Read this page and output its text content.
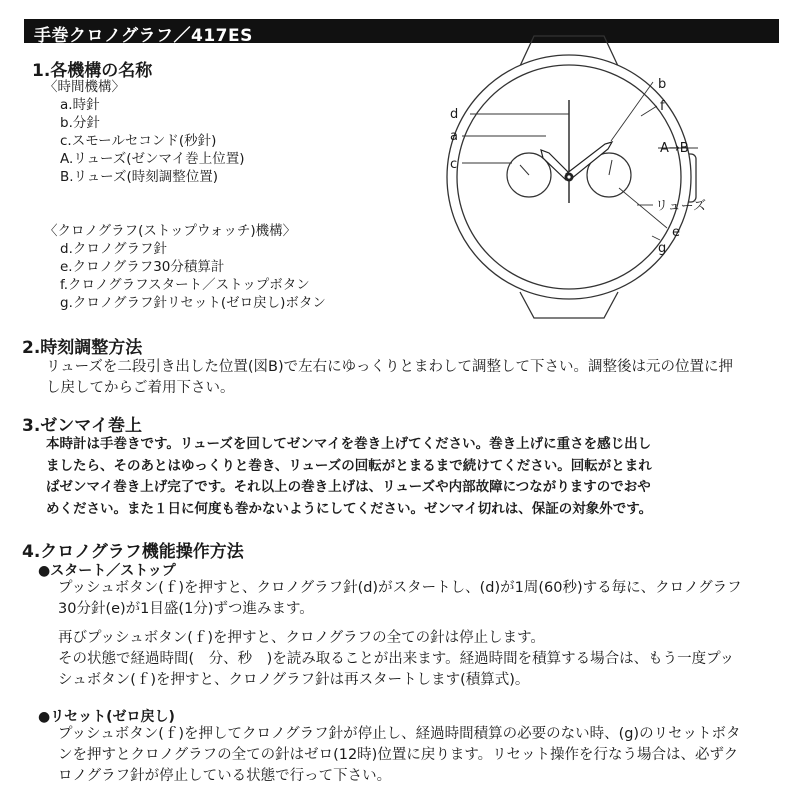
手巻クロノグラフ／417ES
1.各機構の名称
〈時間機構〉
a.時針
b.分針
c.スモールセコンド(秒針)
A.リューズ(ゼンマイ巻上位置)
B.リューズ(時刻調整位置)
〈クロノグラフ(ストップウォッチ)機構〉
d.クロノグラフ針
e.クロノグラフ30分積算計
f.クロノグラフスタート／ストップボタン
g.クロノグラフ針リセット(ゼロ戻し)ボタン
d
a
c
b
f
A→B
リューズ
e
g
2.時刻調整方法
リューズを二段引き出した位置(図B)で左右にゆっくりとまわして調整して下さい。調整後は元の位置に押
し戻してからご着用下さい。
3.ゼンマイ巻上
本時計は手巻きです。リューズを回してゼンマイを巻き上げてください。巻き上げに重さを感じ出し
ましたら、そのあとはゆっくりと巻き、リューズの回転がとまるまで続けてください。回転がとまれ
ばゼンマイ巻き上げ完了です。それ以上の巻き上げは、リューズや内部故障につながりますのでおや
めください。また１日に何度も巻かないようにしてください。ゼンマイ切れは、保証の対象外です。
4.クロノグラフ機能操作方法
●スタート／ストップ
プッシュボタン(ｆ)を押すと、クロノグラフ針(d)がスタートし、(d)が1周(60秒)する毎に、クロノグラフ
30分針(e)が1目盛(1分)ずつ進みます。
再びプッシュボタン(ｆ)を押すと、クロノグラフの全ての針は停止します。
その状態で経過時間(　分、秒　)を読み取ることが出来ます。経過時間を積算する場合は、もう一度プッ
シュボタン(ｆ)を押すと、クロノグラフ針は再スタートします(積算式)。
●リセット(ゼロ戻し)
プッシュボタン(ｆ)を押してクロノグラフ針が停止し、経過時間積算の必要のない時、(g)のリセットボタ
ンを押すとクロノグラフの全ての針はゼロ(12時)位置に戻ります。リセット操作を行なう場合は、必ずク
ロノグラフ針が停止している状態で行って下さい。
